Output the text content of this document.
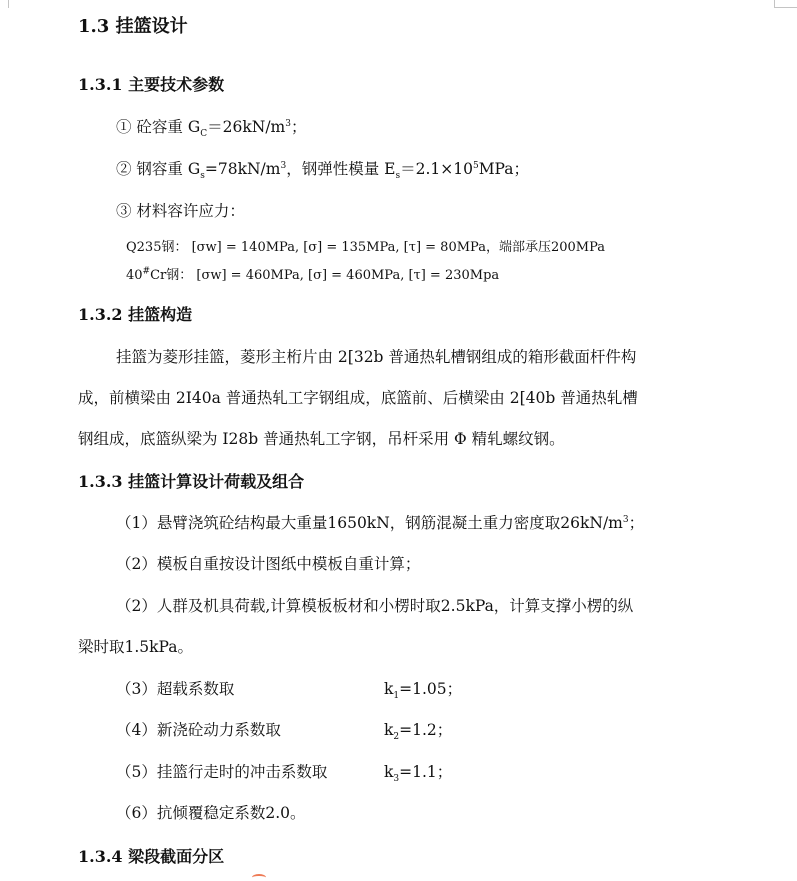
1.3 挂篮设计
1.3.1 主要技术参数
① 砼容重 $G_C=26kN/m^3$；
② 钢容重 $G_s=78kN/m^3$，钢弹性模量 $E_s=2.1\times 10^5MPa$；
③ 材料容许应力：
Q235钢： [σw] = 140MPa, [σ] = 135MPa, [τ] = 80MPa，端部承压200MPa
40#Cr钢： [σw] = 460MPa, [σ] = 460MPa, [τ] = 230Mpa
1.3.2 挂篮构造
挂篮为菱形挂篮，菱形主桁片由 2[32b 普通热轧槽钢组成的箱形截面杆件构
成，前横梁由 2I40a 普通热轧工字钢组成，底篮前、后横梁由 2[40b 普通热轧槽
钢组成，底篮纵梁为 I28b 普通热轧工字钢，吊杆采用 Φ 精轧螺纹钢。
1.3.3 挂篮计算设计荷载及组合
（1）悬臂浇筑砼结构最大重量1650kN，钢筋混凝土重力密度取$26kN/m^3$；
（2）模板自重按设计图纸中模板自重计算；
（2）人群及机具荷载,计算模板板材和小楞时取2.5kPa，计算支撑小楞的纵
梁时取1.5kPa。
（3）超载系数取	$k_1=1.05$；
（4）新浇砼动力系数取	$k_2=1.2$；
（5）挂篮行走时的冲击系数取	$k_3=1.1$；
（6）抗倾覆稳定系数2.0。
1.3.4 梁段截面分区
